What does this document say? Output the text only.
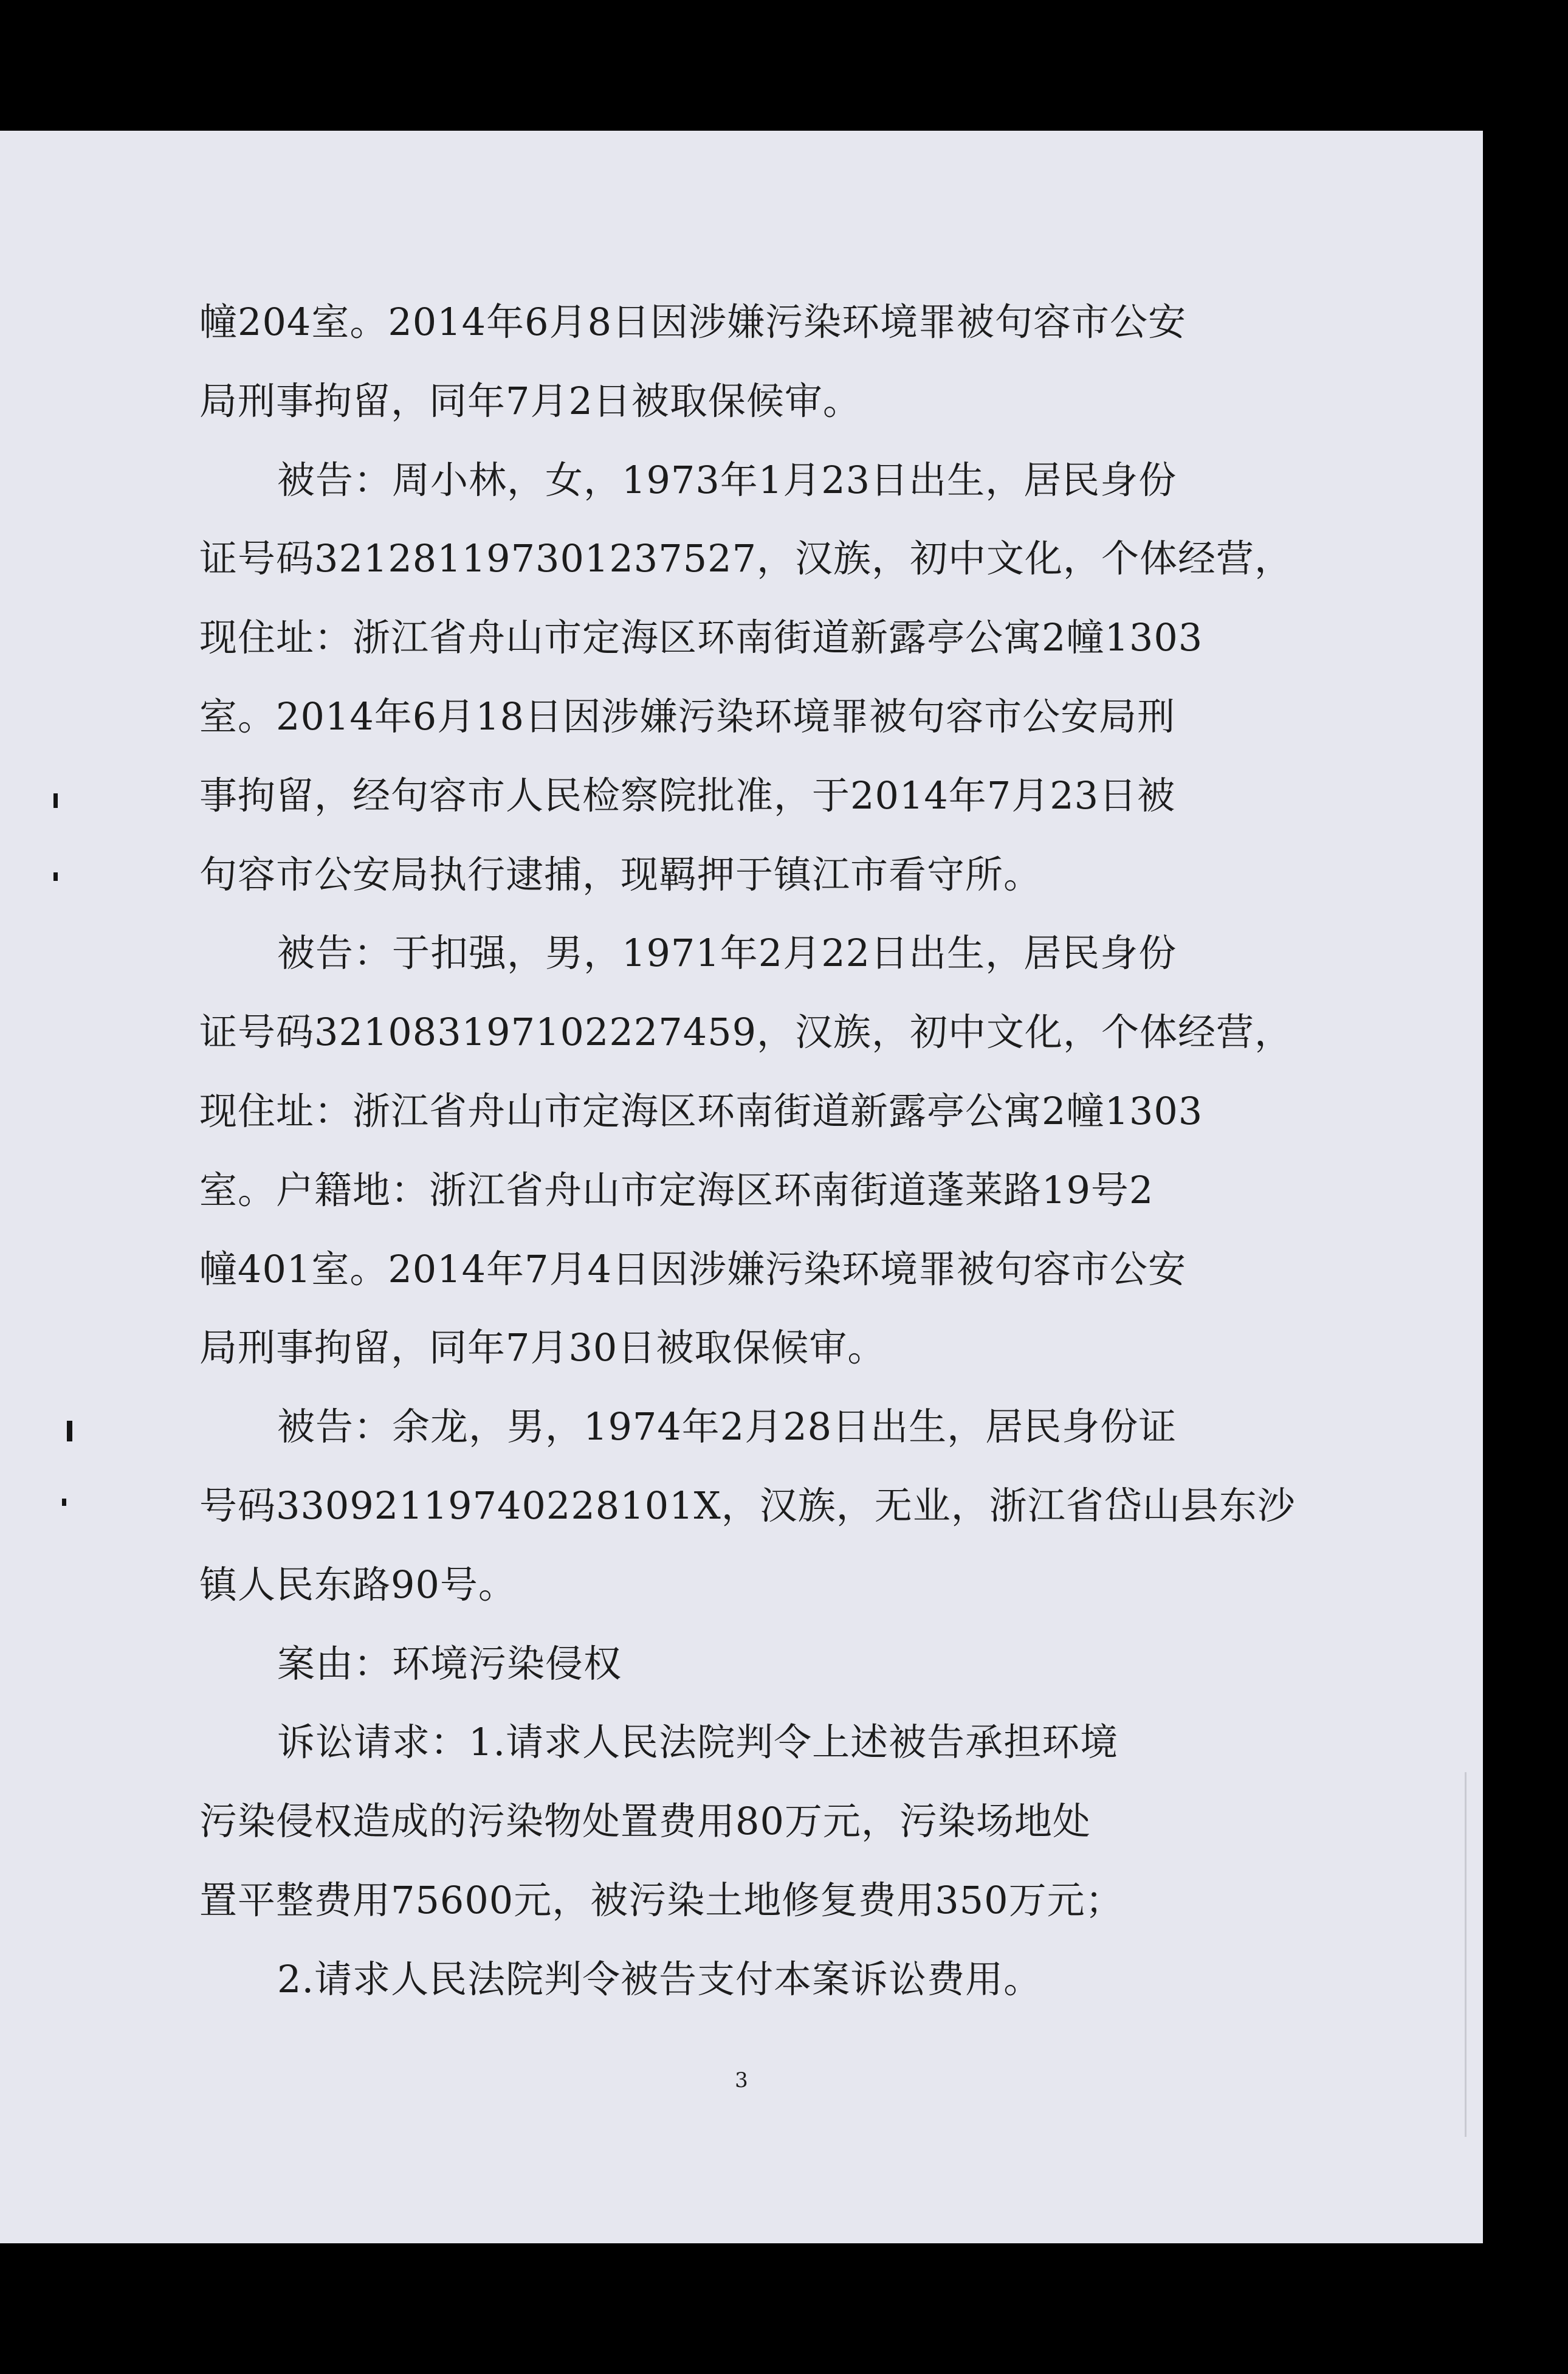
幢204室。2014年6月8日因涉嫌污染环境罪被句容市公安
局刑事拘留，同年7月2日被取保候审。
被告：周小林，女，1973年1月23日出生，居民身份
证号码321281197301237527，汉族，初中文化，个体经营，
现住址：浙江省舟山市定海区环南街道新露亭公寓2幢1303
室。2014年6月18日因涉嫌污染环境罪被句容市公安局刑
事拘留，经句容市人民检察院批准，于2014年7月23日被
句容市公安局执行逮捕，现羁押于镇江市看守所。
被告：于扣强，男，1971年2月22日出生，居民身份
证号码321083197102227459，汉族，初中文化，个体经营，
现住址：浙江省舟山市定海区环南街道新露亭公寓2幢1303
室。户籍地：浙江省舟山市定海区环南街道蓬莱路19号2
幢401室。2014年7月4日因涉嫌污染环境罪被句容市公安
局刑事拘留，同年7月30日被取保候审。
被告：余龙，男，1974年2月28日出生，居民身份证
号码33092119740228101X，汉族，无业，浙江省岱山县东沙
镇人民东路90号。
案由：环境污染侵权
诉讼请求：1.请求人民法院判令上述被告承担环境
污染侵权造成的污染物处置费用80万元，污染场地处
置平整费用75600元，被污染土地修复费用350万元；
2.请求人民法院判令被告支付本案诉讼费用。
3
